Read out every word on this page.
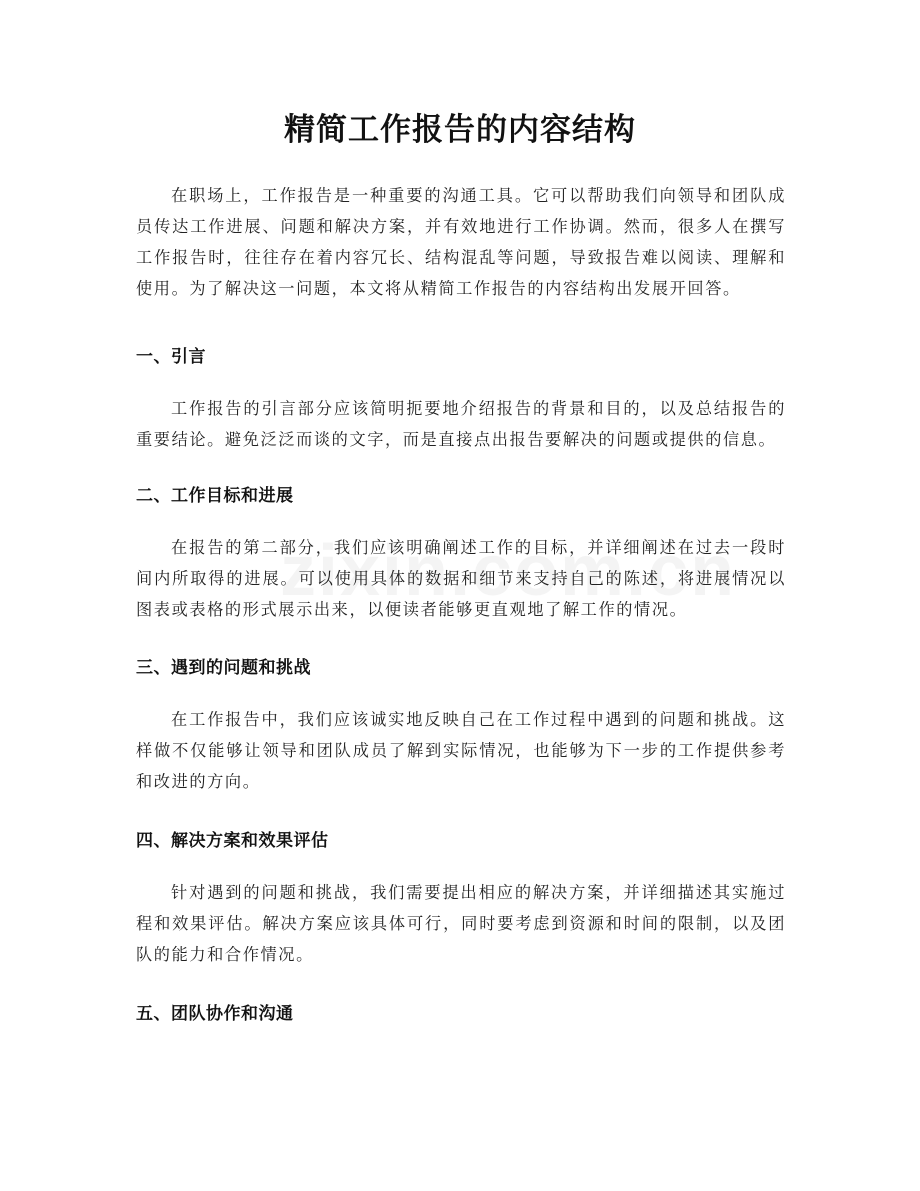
精简工作报告的内容结构

在职场上，工作报告是一种重要的沟通工具。它可以帮助我们向领导和团队成员传达工作进展、问题和解决方案，并有效地进行工作协调。然而，很多人在撰写工作报告时，往往存在着内容冗长、结构混乱等问题，导致报告难以阅读、理解和使用。为了解决这一问题，本文将从精简工作报告的内容结构出发展开回答。

一、引言

工作报告的引言部分应该简明扼要地介绍报告的背景和目的，以及总结报告的重要结论。避免泛泛而谈的文字，而是直接点出报告要解决的问题或提供的信息。

二、工作目标和进展

在报告的第二部分，我们应该明确阐述工作的目标，并详细阐述在过去一段时间内所取得的进展。可以使用具体的数据和细节来支持自己的陈述，将进展情况以图表或表格的形式展示出来，以便读者能够更直观地了解工作的情况。

三、遇到的问题和挑战

在工作报告中，我们应该诚实地反映自己在工作过程中遇到的问题和挑战。这样做不仅能够让领导和团队成员了解到实际情况，也能够为下一步的工作提供参考和改进的方向。

四、解决方案和效果评估

针对遇到的问题和挑战，我们需要提出相应的解决方案，并详细描述其实施过程和效果评估。解决方案应该具体可行，同时要考虑到资源和时间的限制，以及团队的能力和合作情况。

五、团队协作和沟通
